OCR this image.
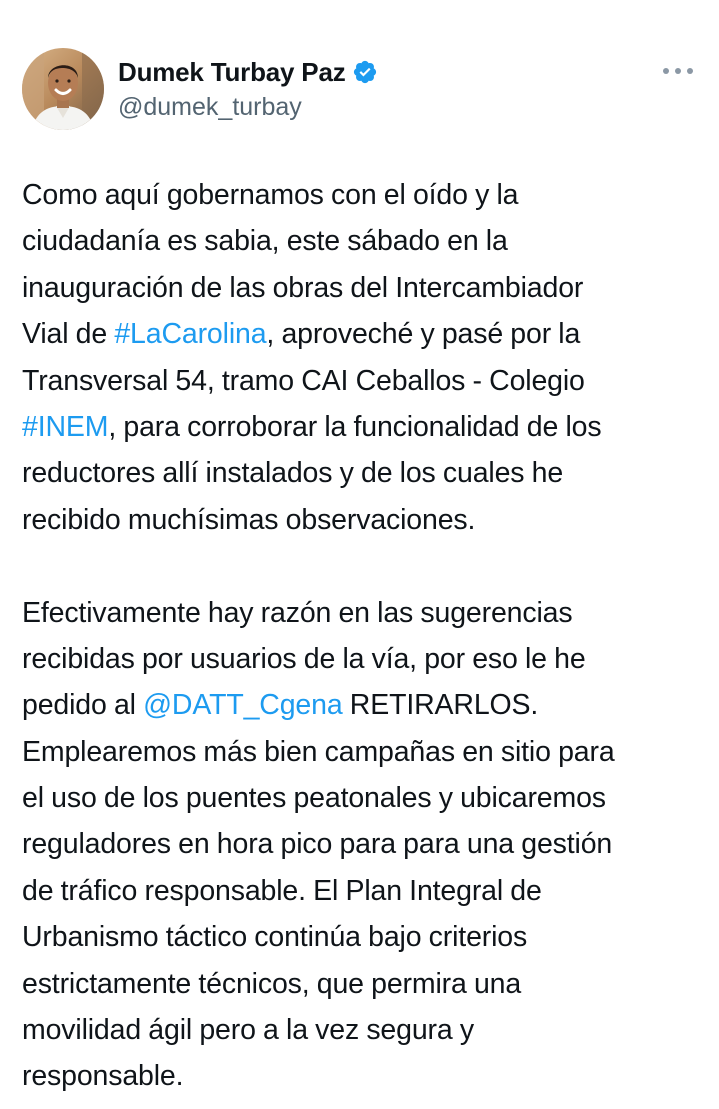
Dumek Turbay Paz
@dumek_turbay
Como aquí gobernamos con el oído y la
ciudadanía es sabia, este sábado en la
inauguración de las obras del Intercambiador
Vial de #LaCarolina, aproveché y pasé por la
Transversal 54, tramo CAI Ceballos - Colegio
#INEM, para corroborar la funcionalidad de los
reductores allí instalados y de los cuales he
recibido muchísimas observaciones.
Efectivamente hay razón en las sugerencias
recibidas por usuarios de la vía, por eso le he
pedido al @DATT_Cgena RETIRARLOS.
Emplearemos más bien campañas en sitio para
el uso de los puentes peatonales y ubicaremos
reguladores en hora pico para para una gestión
de tráfico responsable. El Plan Integral de
Urbanismo táctico continúa bajo criterios
estrictamente técnicos, que permira una
movilidad ágil pero a la vez segura y
responsable.
